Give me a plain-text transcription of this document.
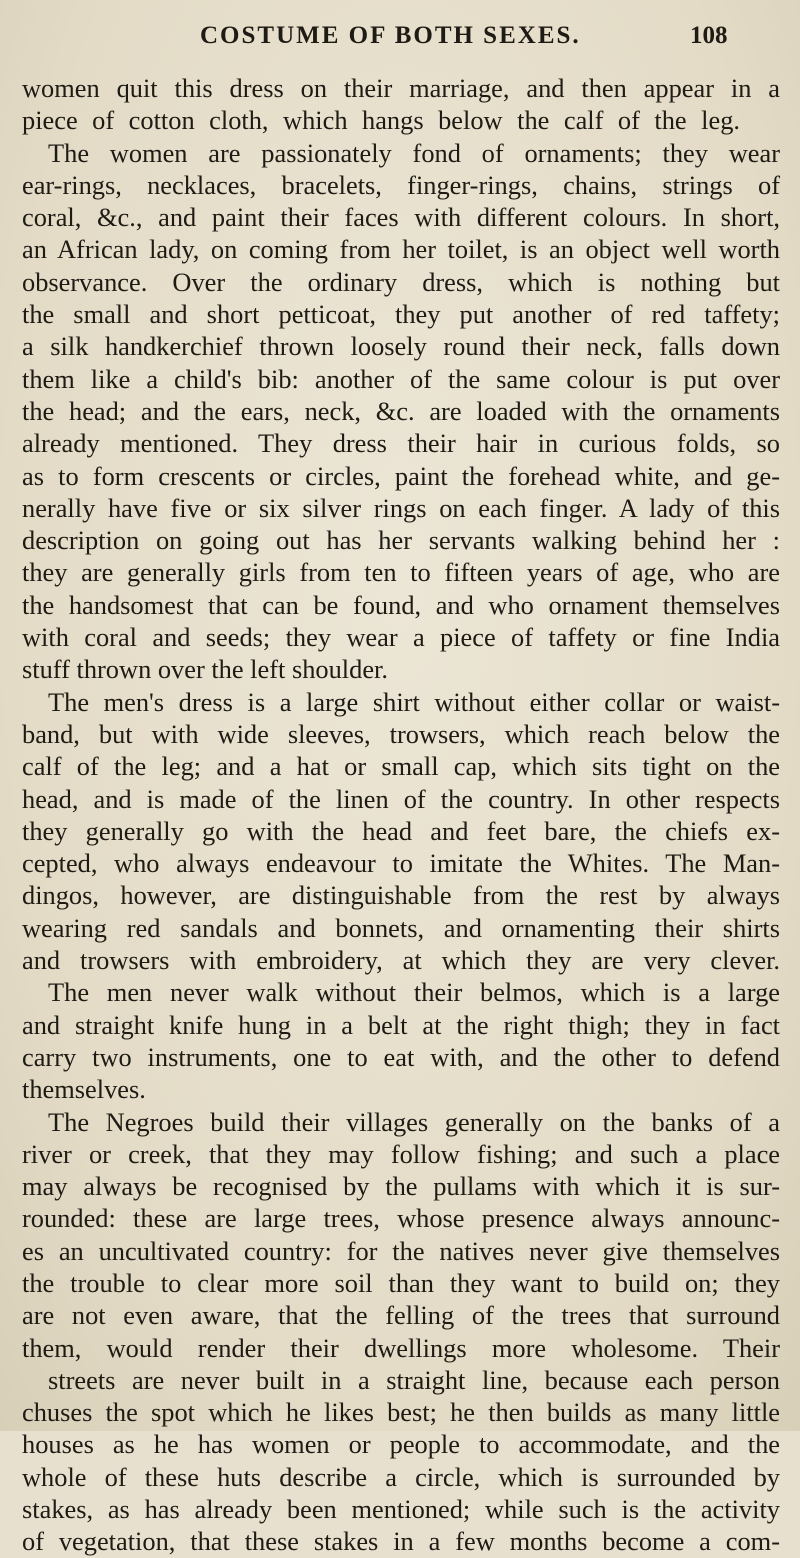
COSTUME OF BOTH SEXES.	108
women quit this dress on their marriage, and then appear in a
piece of cotton cloth, which hangs below the calf of the leg.
The women are passionately fond of ornaments; they wear
ear-rings, necklaces, bracelets, finger-rings, chains, strings of
coral, &c., and paint their faces with different colours. In short,
an African lady, on coming from her toilet, is an object well worth
observance. Over the ordinary dress, which is nothing but
the small and short petticoat, they put another of red taffety;
a silk handkerchief thrown loosely round their neck, falls down
them like a child's bib: another of the same colour is put over
the head; and the ears, neck, &c. are loaded with the ornaments
already mentioned. They dress their hair in curious folds, so
as to form crescents or circles, paint the forehead white, and ge-
nerally have five or six silver rings on each finger. A lady of this
description on going out has her servants walking behind her :
they are generally girls from ten to fifteen years of age, who are
the handsomest that can be found, and who ornament themselves
with coral and seeds; they wear a piece of taffety or fine India
stuff thrown over the left shoulder.
The men's dress is a large shirt without either collar or waist-
band, but with wide sleeves, trowsers, which reach below the
calf of the leg; and a hat or small cap, which sits tight on the
head, and is made of the linen of the country. In other respects
they generally go with the head and feet bare, the chiefs ex-
cepted, who always endeavour to imitate the Whites. The Man-
dingos, however, are distinguishable from the rest by always
wearing red sandals and bonnets, and ornamenting their shirts
and trowsers with embroidery, at which they are very clever.
The men never walk without their belmos, which is a large
and straight knife hung in a belt at the right thigh; they in fact
carry two instruments, one to eat with, and the other to defend
themselves.
The Negroes build their villages generally on the banks of a
river or creek, that they may follow fishing; and such a place
may always be recognised by the pullams with which it is sur-
rounded: these are large trees, whose presence always announc-
es an uncultivated country: for the natives never give themselves
the trouble to clear more soil than they want to build on; they
are not even aware, that the felling of the trees that surround
them, would render their dwellings more wholesome. Their
streets are never built in a straight line, because each person
chuses the spot which he likes best; he then builds as many little
houses as he has women or people to accommodate, and the
whole of these huts describe a circle, which is surrounded by
stakes, as has already been mentioned; while such is the activity
of vegetation, that these stakes in a few months become a com-
